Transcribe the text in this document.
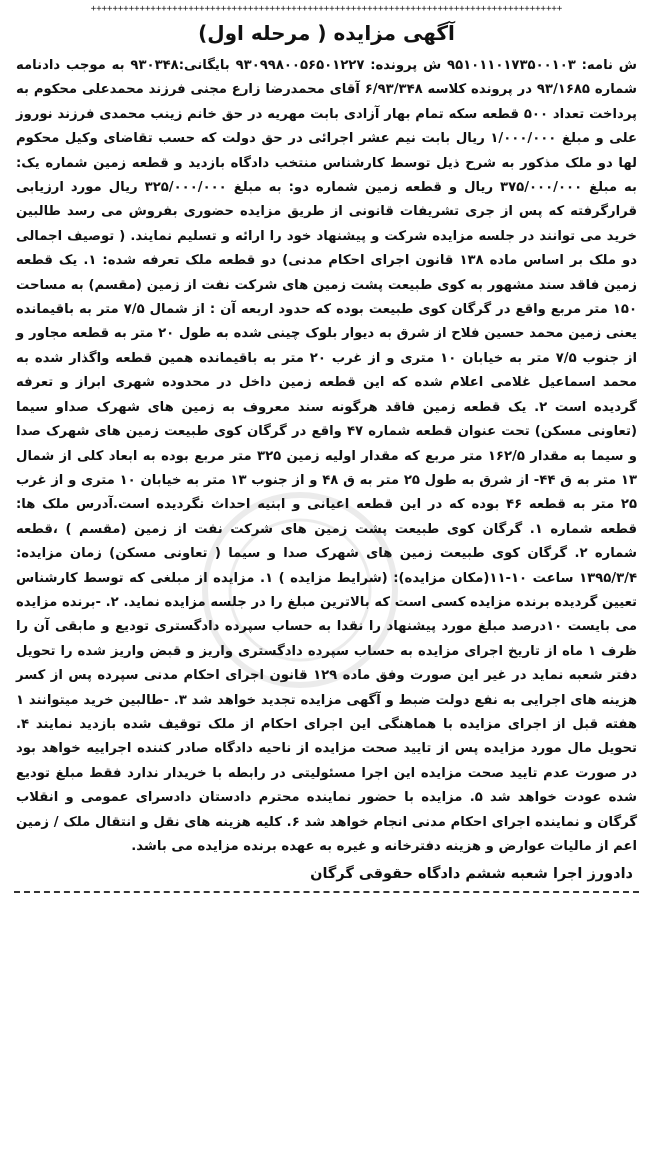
+++++++++++++++++++++++++++++++++++++++++++++++++++++++++++++++++++++++++++++++++++++++
آگهی مزایده ( مرحله اول)

ش نامه: ۹۵۱۰۱۱۰۱۷۳۵۰۰۱۰۳ ش پرونده: ۹۳۰۹۹۸۰۰۵۶۵۰۱۲۲۷ بایگانی:۹۳۰۳۴۸ به موجب دادنامه شماره ۹۳/۱۶۸۵ در پرونده کلاسه ۶/۹۳/۳۴۸ آقای محمدرضا زارع مجنی فرزند محمدعلی محکوم به پرداخت تعداد ۵۰۰ قطعه سکه تمام بهار آزادی بابت مهریه در حق خانم زینب محمدی فرزند نوروز علی و مبلغ ۱/۰۰۰/۰۰۰ ریال بابت نیم عشر اجرائی در حق دولت که حسب تقاضای وکیل محکوم لها دو ملک مذکور به شرح ذیل توسط کارشناس منتخب دادگاه بازدید و قطعه زمین شماره یک: به مبلغ ۳۷۵/۰۰۰/۰۰۰ ریال و قطعه زمین شماره دو: به مبلغ ۳۲۵/۰۰۰/۰۰۰ ریال مورد ارزیابی قرارگرفته که پس از جری تشریفات قانونی از طریق مزایده حضوری بفروش می رسد طالبین خرید می توانند در جلسه مزایده شرکت و پیشنهاد خود را ارائه و تسلیم نمایند. ( توصیف اجمالی دو ملک بر اساس ماده ۱۳۸ قانون اجرای احکام مدنی) دو قطعه ملک تعرفه شده: ۱. یک قطعه زمین فاقد سند مشهور به کوی طبیعت پشت زمین های شرکت نفت از زمین (مقسم) به مساحت ۱۵۰ متر مربع واقع در گرگان کوی طبیعت بوده که حدود اربعه آن : از شمال ۷/۵ متر به باقیمانده یعنی زمین محمد حسین فلاح از شرق به دیوار بلوک چینی شده به طول ۲۰ متر به قطعه مجاور و از جنوب ۷/۵ متر به خیابان ۱۰ متری و از غرب ۲۰ متر به باقیمانده همین قطعه واگذار شده به محمد اسماعیل غلامی اعلام شده که این قطعه زمین داخل در محدوده شهری ابراز و تعرفه گردیده است ۲. یک قطعه زمین فاقد هرگونه سند معروف به زمین های شهرک صداو سیما (تعاونی مسکن) تحت عنوان قطعه شماره ۴۷ واقع در گرگان کوی طبیعت زمین های شهرک صدا و سیما به مقدار ۱۶۲/۵ متر مربع که مقدار اولیه زمین ۳۲۵ متر مربع بوده به ابعاد کلی از شمال ۱۳ متر به ق ۴۴- از شرق به طول ۲۵ متر به ق ۴۸ و از جنوب ۱۳ متر به خیابان ۱۰ متری و از غرب ۲۵ متر به قطعه ۴۶ بوده که در این قطعه اعیانی و ابنیه احداث نگردیده است.آدرس ملک ها: قطعه شماره ۱. گرگان کوی طبیعت پشت زمین های شرکت نفت از زمین (مقسم ) ،قطعه شماره ۲. گرگان کوی طبیعت زمین های شهرک صدا و سیما ( تعاونی مسکن) زمان مزایده: ۱۳۹۵/۳/۴ ساعت ۱۰-۱۱(مکان مزایده): (شرایط مزایده ) ۱. مزایده از مبلغی که توسط کارشناس تعیین گردیده برنده مزایده کسی است که بالاترین مبلغ را در جلسه مزایده نماید. ۲. -برنده مزایده می بایست ۱۰درصد مبلغ مورد پیشنهاد را نقدا به حساب سپرده دادگستری تودیع و مابقی آن را ظرف ۱ ماه از تاریخ اجرای مزایده به حساب سپرده دادگستری واریز و قبض واریز شده را تحویل دفتر شعبه نماید در غیر این صورت وفق ماده ۱۲۹ قانون اجرای احکام مدنی سپرده پس از کسر هزینه های اجرایی به نفع دولت ضبط و آگهی مزایده تجدید خواهد شد ۳. -طالبین خرید میتوانند ۱ هفته قبل از اجرای مزایده با هماهنگی این اجرای احکام از ملک توقیف شده بازدید نمایند ۴. تحویل مال مورد مزایده پس از تایید صحت مزایده از ناحیه دادگاه صادر کننده اجراییه خواهد بود در صورت عدم تایید صحت مزایده این اجرا مسئولیتی در رابطه با خریدار ندارد فقط مبلغ تودیع شده عودت خواهد شد ۵. مزایده با حضور نماینده محترم دادستان دادسرای عمومی و انقلاب گرگان و نماینده اجرای احکام مدنی انجام خواهد شد ۶. کلیه هزینه های نقل و انتقال ملک / زمین اعم از مالیات عوارض و هزینه دفترخانه و غیره به عهده برنده مزایده می باشد.

دادورز اجرا شعبه ششم دادگاه حقوقی گرگان
